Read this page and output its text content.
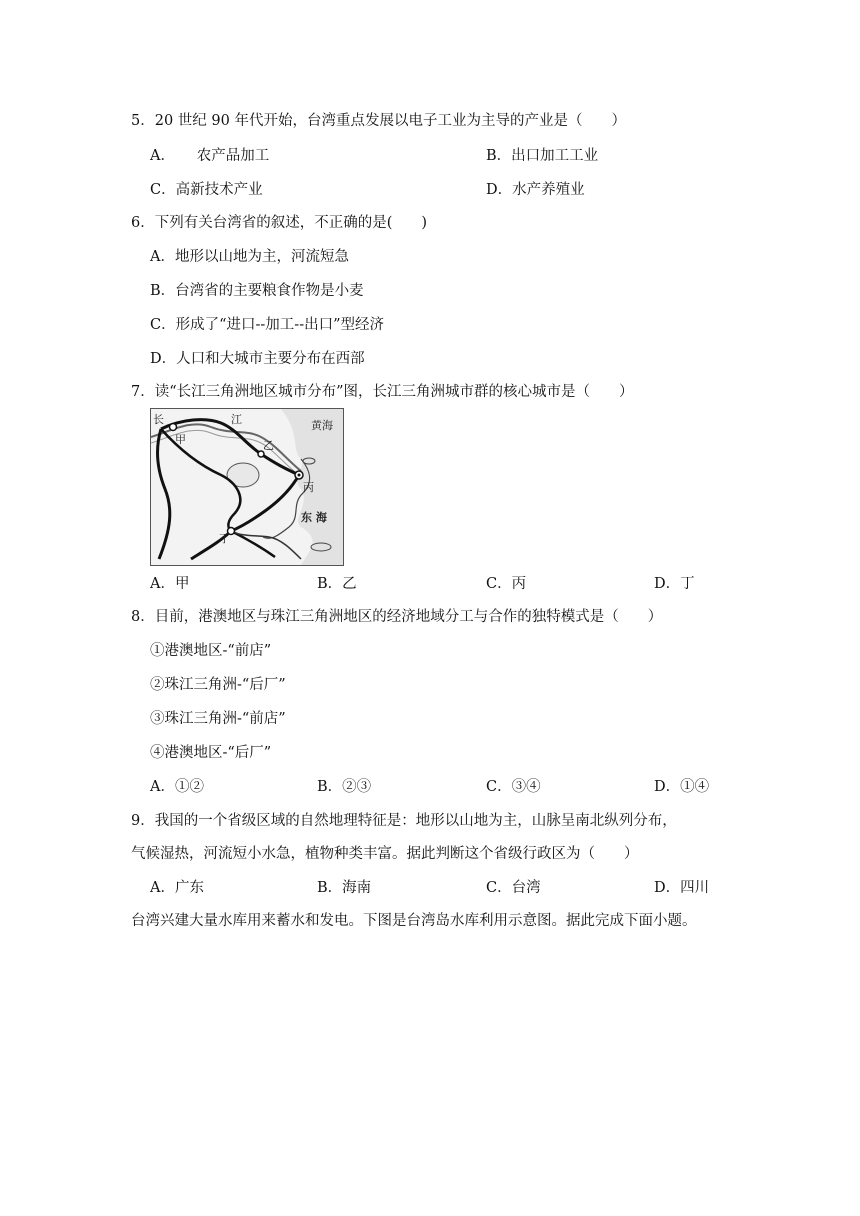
5．20 世纪 90 年代开始，台湾重点发展以电子工业为主导的产业是（　　）
A．　　农产品加工	B．出口加工工业
C．高新技术产业	D．水产养殖业
6．下列有关台湾省的叙述，不正确的是(　　)
A．地形以山地为主，河流短急
B．台湾省的主要粮食作物是小麦
C．形成了“进口--加工--出口”型经济
D．人口和大城市主要分布在西部
7．读“长江三角洲地区城市分布”图，长江三角洲城市群的核心城市是（　　）
长	江
甲	乙
丙
丁
黄海
东 海
A．甲	B．乙	C．丙	D．丁
8．目前，港澳地区与珠江三角洲地区的经济地域分工与合作的独特模式是（　　）
①港澳地区-“前店”
②珠江三角洲-“后厂”
③珠江三角洲-“前店”
④港澳地区-“后厂”
A．①②	B．②③	C．③④	D．①④
9．我国的一个省级区域的自然地理特征是：地形以山地为主，山脉呈南北纵列分布，
气候湿热，河流短小水急，植物种类丰富。据此判断这个省级行政区为（　　）
A．广东	B．海南	C．台湾	D．四川
台湾兴建大量水库用来蓄水和发电。下图是台湾岛水库利用示意图。据此完成下面小题。
